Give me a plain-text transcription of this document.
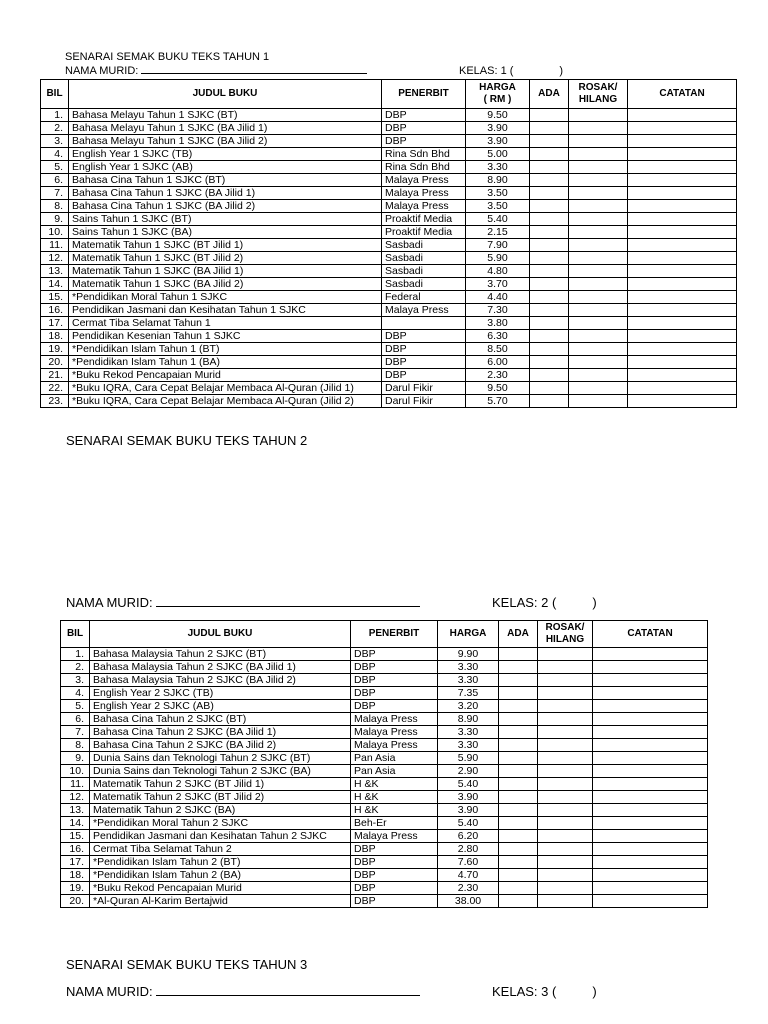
SENARAI SEMAK BUKU TEKS TAHUN 1
NAMA MURID:	KELAS: 1 (	)
BIL	JUDUL BUKU	PENERBIT	HARGA
( RM )	ADA	ROSAK/
HILANG	CATATAN
1.	Bahasa Melayu Tahun 1 SJKC (BT)	DBP	9.50			
2.	Bahasa Melayu Tahun 1 SJKC (BA Jilid 1)	DBP	3.90			
3.	Bahasa Melayu Tahun 1 SJKC (BA Jilid 2)	DBP	3.90			
4.	English Year 1 SJKC (TB)	Rina Sdn Bhd	5.00			
5.	English Year 1 SJKC (AB)	Rina Sdn Bhd	3.30			
6.	Bahasa Cina Tahun 1 SJKC (BT)	Malaya Press	8.90			
7.	Bahasa Cina Tahun 1 SJKC (BA Jilid 1)	Malaya Press	3.50			
8.	Bahasa Cina Tahun 1 SJKC (BA Jilid 2)	Malaya Press	3.50			
9.	Sains Tahun 1 SJKC (BT)	Proaktif Media	5.40			
10.	Sains Tahun 1 SJKC (BA)	Proaktif Media	2.15			
11.	Matematik Tahun 1 SJKC (BT Jilid 1)	Sasbadi	7.90			
12.	Matematik Tahun 1 SJKC (BT Jilid 2)	Sasbadi	5.90			
13.	Matematik Tahun 1 SJKC (BA Jilid 1)	Sasbadi	4.80			
14.	Matematik Tahun 1 SJKC (BA Jilid 2)	Sasbadi	3.70			
15.	*Pendidikan Moral Tahun 1 SJKC	Federal	4.40			
16.	Pendidikan Jasmani dan Kesihatan Tahun 1 SJKC	Malaya Press	7.30			
17.	Cermat Tiba Selamat Tahun 1		3.80			
18.	Pendidikan Kesenian Tahun 1 SJKC	DBP	6.30			
19.	*Pendidikan Islam Tahun 1 (BT)	DBP	8.50			
20.	*Pendidikan Islam Tahun 1 (BA)	DBP	6.00			
21.	*Buku Rekod Pencapaian Murid	DBP	2.30			
22.	*Buku IQRA, Cara Cepat Belajar Membaca Al-Quran (Jilid 1)	Darul Fikir	9.50			
23.	*Buku IQRA, Cara Cepat Belajar Membaca Al-Quran (Jilid 2)	Darul Fikir	5.70			
SENARAI SEMAK BUKU TEKS TAHUN 2
NAMA MURID:	KELAS: 2 (	)
BIL	JUDUL BUKU	PENERBIT	HARGA	ADA	ROSAK/
HILANG	CATATAN
1.	Bahasa Malaysia Tahun 2 SJKC (BT)	DBP	9.90			
2.	Bahasa Malaysia Tahun 2 SJKC (BA Jilid 1)	DBP	3.30			
3.	Bahasa Malaysia Tahun 2 SJKC (BA Jilid 2)	DBP	3.30			
4.	English Year 2 SJKC (TB)	DBP	7.35			
5.	English Year 2 SJKC (AB)	DBP	3.20			
6.	Bahasa Cina Tahun 2 SJKC (BT)	Malaya Press	8.90			
7.	Bahasa Cina Tahun 2 SJKC (BA Jilid 1)	Malaya Press	3.30			
8.	Bahasa Cina Tahun 2 SJKC (BA Jilid 2)	Malaya Press	3.30			
9.	Dunia Sains dan Teknologi Tahun 2 SJKC (BT)	Pan Asia	5.90			
10.	Dunia Sains dan Teknologi Tahun 2 SJKC (BA)	Pan Asia	2.90			
11.	Matematik Tahun 2 SJKC (BT Jilid 1)	H &K	5.40			
12.	Matematik Tahun 2 SJKC (BT Jilid 2)	H &K	3.90			
13.	Matematik Tahun 2 SJKC (BA)	H &K	3.90			
14.	*Pendidikan Moral Tahun 2 SJKC	Beh-Er	5.40			
15.	Pendidikan Jasmani dan Kesihatan Tahun 2 SJKC	Malaya Press	6.20			
16.	Cermat Tiba Selamat Tahun 2	DBP	2.80			
17.	*Pendidikan Islam Tahun 2 (BT)	DBP	7.60			
18.	*Pendidikan Islam Tahun 2 (BA)	DBP	4.70			
19.	*Buku Rekod Pencapaian Murid	DBP	2.30			
20.	*Al-Quran Al-Karim Bertajwid	DBP	38.00			
SENARAI SEMAK BUKU TEKS TAHUN 3
NAMA MURID:	KELAS: 3 (	)
